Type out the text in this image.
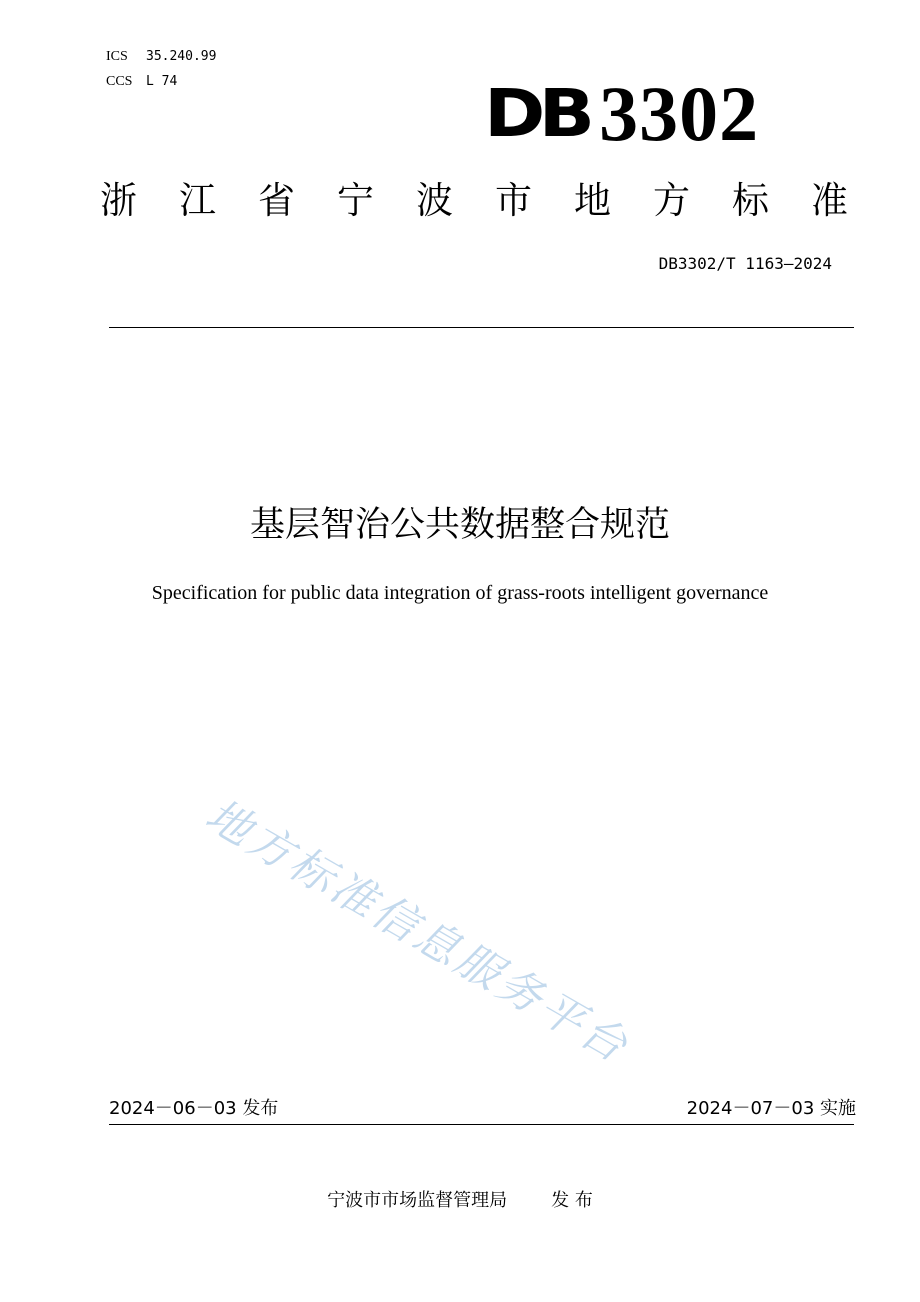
ICS 35.240.99
CCS L 74	DB 3302
浙 江 省 宁 波 市 地 方 标 准
DB3302/T 1163—2024
基层智治公共数据整合规范
Specification for public data integration of grass-roots intelligent governance
地方标准信息服务平台
2024－06－03 发布	2024－07－03 实施
宁波市市场监督管理局 发 布
